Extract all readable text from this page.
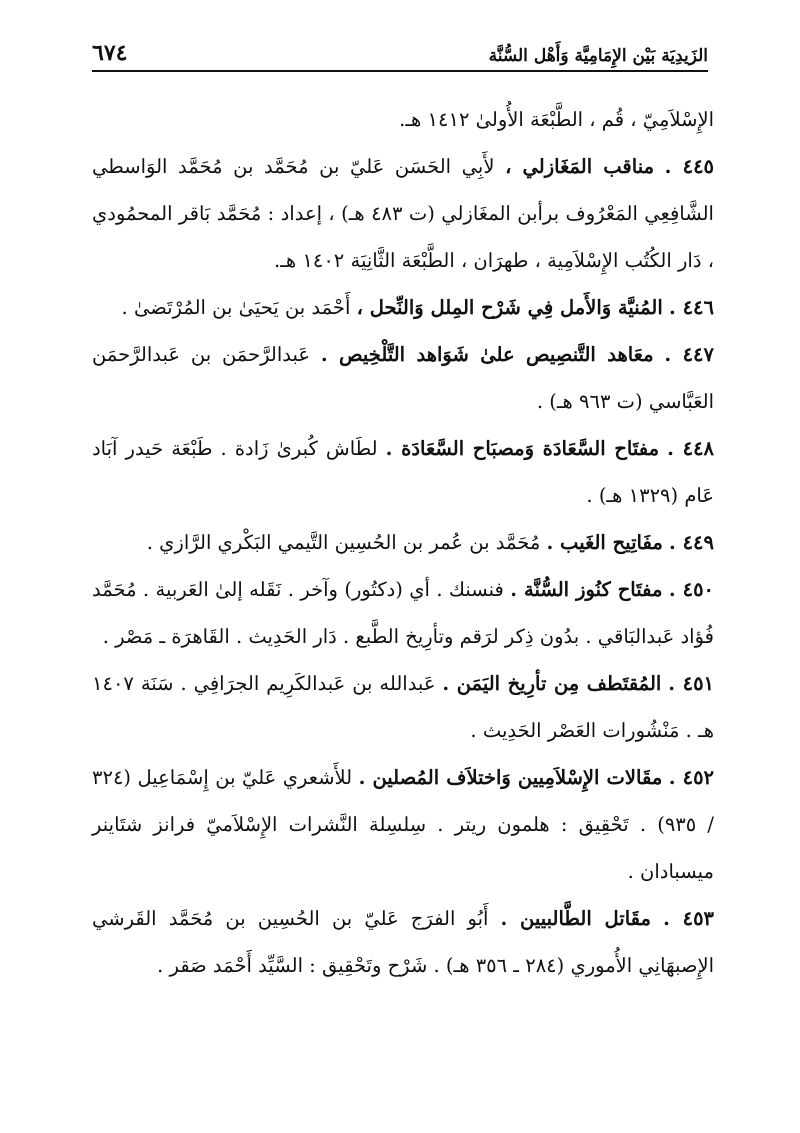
الزَيدِيَة بَيْن الإِمَامِيَّة وَأَهْل السُّنَّة
٦٧٤

الإِسْلاَمِيّ ، قُم ، الطَّبْعَة الأُولىٰ ١٤١٢ هـ.

٤٤٥ . مناقب المَغَازلي ، لأَبِي الحَسَن عَليّ بن مُحَمَّد بن مُحَمَّد الوَاسطي الشَّافِعِي المَعْرُوف برأبن المغَازلي (ت ٤٨٣ هـ) ، إعداد : مُحَمَّد بَاقر المحمُودي ، دَار الكُتُب الإِسْلاَمِية ، طهرَان ، الطَّبْعَة الثَّانِيَة ١٤٠٢ هـ.

٤٤٦ . المُنيَّة وَالأَمل فِي شَرْح المِلل وَالنِّحل ، أَحْمَد بن يَحيَىٰ بن المُرْتَضىٰ .

٤٤٧ . معَاهد التَّنصِيص علىٰ شَوَاهد التَّلْخِيص . عَبدالرَّحمَن بن عَبدالرَّحمَن العَبَّاسي (ت ٩٦٣ هـ) .

٤٤٨ . مفتَاح السَّعَادَة وَمصبَاح السَّعَادَة . لطَاش كُبرىٰ زَادة . طَبْعَة حَيدر آبَاد عَام (١٣٢٩ هـ) .

٤٤٩ . مفَاتِيح الغَيب . مُحَمَّد بن عُمر بن الحُسِين التَّيمي البَكْري الرَّازي .

٤٥٠ . مفتَاح كنُوز السُّنَّة . فنسنك . أي (دكتُور) وآخر . نَقَله إلىٰ العَربية . مُحَمَّد فُؤاد عَبدالبَاقي . بدُون ذِكر لرَقم وتأرِيخ الطَّبع . دَار الحَدِيث . القَاهرَة ـ مَصْر .

٤٥١ . المُقتَطف مِن تأرِيخ اليَمَن . عَبدالله بن عَبدالكَرِيم الجرَافِي . سَنَة ١٤٠٧ هـ . مَنْشُورات العَصْر الحَدِيث .

٤٥٢ . مقَالات الإِسْلاَمِيين وَاختلاَف المُصلين . للأَشعري عَليّ بن إِسْمَاعِيل (٣٢٤ / ٩٣٥) . تَحْقِيق : هلمون ريتر . سِلسِلة النَّشرات الإِسْلاَميّ فرانز شتَاينر ميسبادان .

٤٥٣ . مقَاتل الطَّالبيين . أَبُو الفرَج عَليّ بن الحُسِين بن مُحَمَّد القَرشي الإِصبهَانِي الأُموري (٢٨٤ ـ ٣٥٦ هـ) . شَرْح وتَحْقِيق : السَّيِّد أَحْمَد صَقر .
